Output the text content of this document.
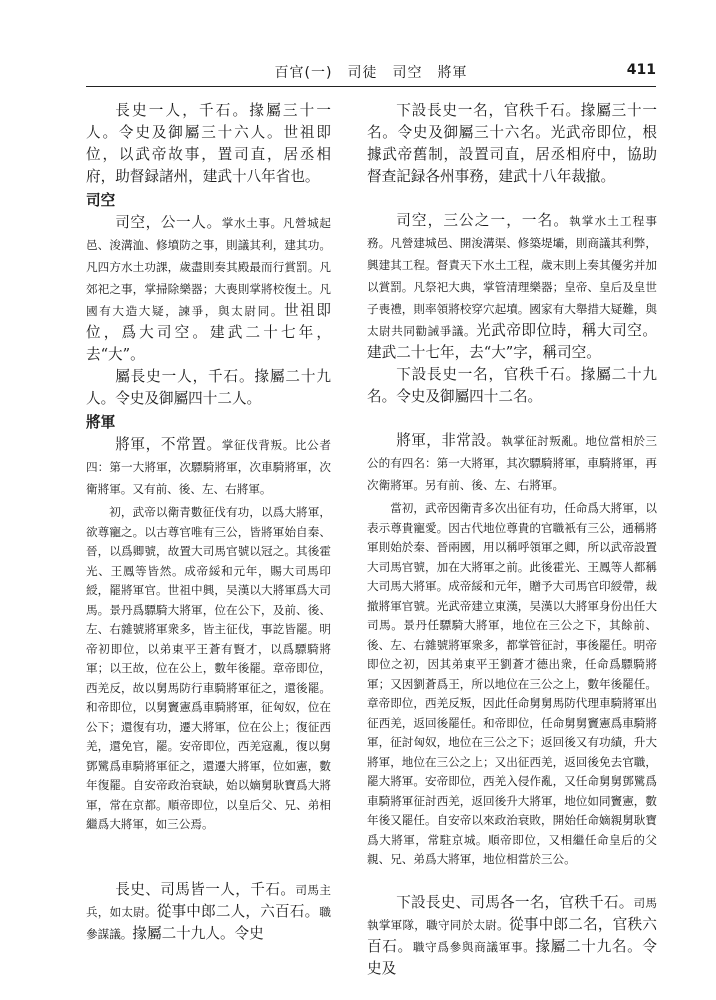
百官(一)　司徒　司空　將軍	411

長史一人，千石。掾屬三十一人。令史及御屬三十六人。世祖即位，以武帝故事，置司直，居丞相府，助督録諸州，建武十八年省也。

司空

司空，公一人。掌水土事。凡營城起邑、浚溝洫、修墳防之事，則議其利，建其功。凡四方水土功課，歲盡則奏其殿最而行賞罰。凡郊祀之事，掌掃除樂器；大喪則掌將校復土。凡國有大造大疑，諫爭，與太尉同。世祖即位，爲大司空。建武二十七年，去“大”。

屬長史一人，千石。掾屬二十九人。令史及御屬四十二人。

將軍

將軍，不常置。掌征伐背叛。比公者四：第一大將軍，次驃騎將軍，次車騎將軍，次衛將軍。又有前、後、左、右將軍。

初，武帝以衛青數征伐有功，以爲大將軍，欲尊寵之。以古尊官唯有三公，皆將軍始自秦、晉，以爲卿號，故置大司馬官號以冠之。其後霍光、王鳳等皆然。成帝綏和元年，賜大司馬印綬，罷將軍官。世祖中興，吴漢以大將軍爲大司馬。景丹爲驃騎大將軍，位在公下，及前、後、左、右雜號將軍衆多，皆主征伐，事訖皆罷。明帝初即位，以弟東平王蒼有賢才，以爲驃騎將軍；以王故，位在公上，數年後罷。章帝即位，西羌反，故以舅馬防行車騎將軍征之，還後罷。和帝即位，以舅竇憲爲車騎將軍，征匈奴，位在公下；還復有功，遷大將軍，位在公上；復征西羌，還免官，罷。安帝即位，西羌寇亂，復以舅鄧騭爲車騎將軍征之，還遷大將軍，位如憲，數年復罷。自安帝政治衰缺，始以嫡舅耿寶爲大將軍，常在京都。順帝即位，以皇后父、兄、弟相繼爲大將軍，如三公焉。

長史、司馬皆一人，千石。司馬主兵，如太尉。從事中郎二人，六百石。職參謀議。掾屬二十九人。令史

下設長史一名，官秩千石。掾屬三十一名。令史及御屬三十六名。光武帝即位，根據武帝舊制，設置司直，居丞相府中，協助督查記録各州事務，建武十八年裁撤。

司空，三公之一，一名。執掌水土工程事務。凡營建城邑、開浚溝渠、修築堤壩，則商議其利弊，興建其工程。督責天下水土工程，歲末則上奏其優劣并加以賞罰。凡祭祀大典，掌管清理樂器；皇帝、皇后及皇世子喪禮，則率領將校穿穴起墳。國家有大舉措大疑難，與太尉共同勸誡爭議。光武帝即位時，稱大司空。建武二十七年，去“大”字，稱司空。

下設長史一名，官秩千石。掾屬二十九名。令史及御屬四十二名。

將軍，非常設。執掌征討叛亂。地位當相於三公的有四名：第一大將軍，其次驃騎將軍，車騎將軍，再次衛將軍。另有前、後、左、右將軍。

當初，武帝因衛青多次出征有功，任命爲大將軍，以表示尊貴寵愛。因古代地位尊貴的官職衹有三公，通稱將軍則始於秦、晉兩國，用以稱呼領軍之卿，所以武帝設置大司馬官號，加在大將軍之前。此後霍光、王鳳等人都稱大司馬大將軍。成帝綏和元年，贈予大司馬官印綬帶，裁撤將軍官號。光武帝建立東漢，吴漢以大將軍身份出任大司馬。景丹任驃騎大將軍，地位在三公之下，其餘前、後、左、右雜號將軍衆多，都掌管征討，事後罷任。明帝即位之初，因其弟東平王劉蒼才德出衆，任命爲驃騎將軍；又因劉蒼爲王，所以地位在三公之上，數年後罷任。章帝即位，西羌反叛，因此任命舅舅馬防代理車騎將軍出征西羌，返回後罷任。和帝即位，任命舅舅竇憲爲車騎將軍，征討匈奴，地位在三公之下；返回後又有功績，升大將軍，地位在三公之上；又出征西羌，返回後免去官職，罷大將軍。安帝即位，西羌入侵作亂，又任命舅舅鄧騭爲車騎將軍征討西羌，返回後升大將軍，地位如同竇憲，數年後又罷任。自安帝以來政治衰敗，開始任命嫡親舅耿寶爲大將軍，常駐京城。順帝即位，又相繼任命皇后的父親、兄、弟爲大將軍，地位相當於三公。

下設長史、司馬各一名，官秩千石。司馬執掌軍隊，職守同於太尉。從事中郎二名，官秩六百石。職守爲參與商議軍事。掾屬二十九名。令史及
